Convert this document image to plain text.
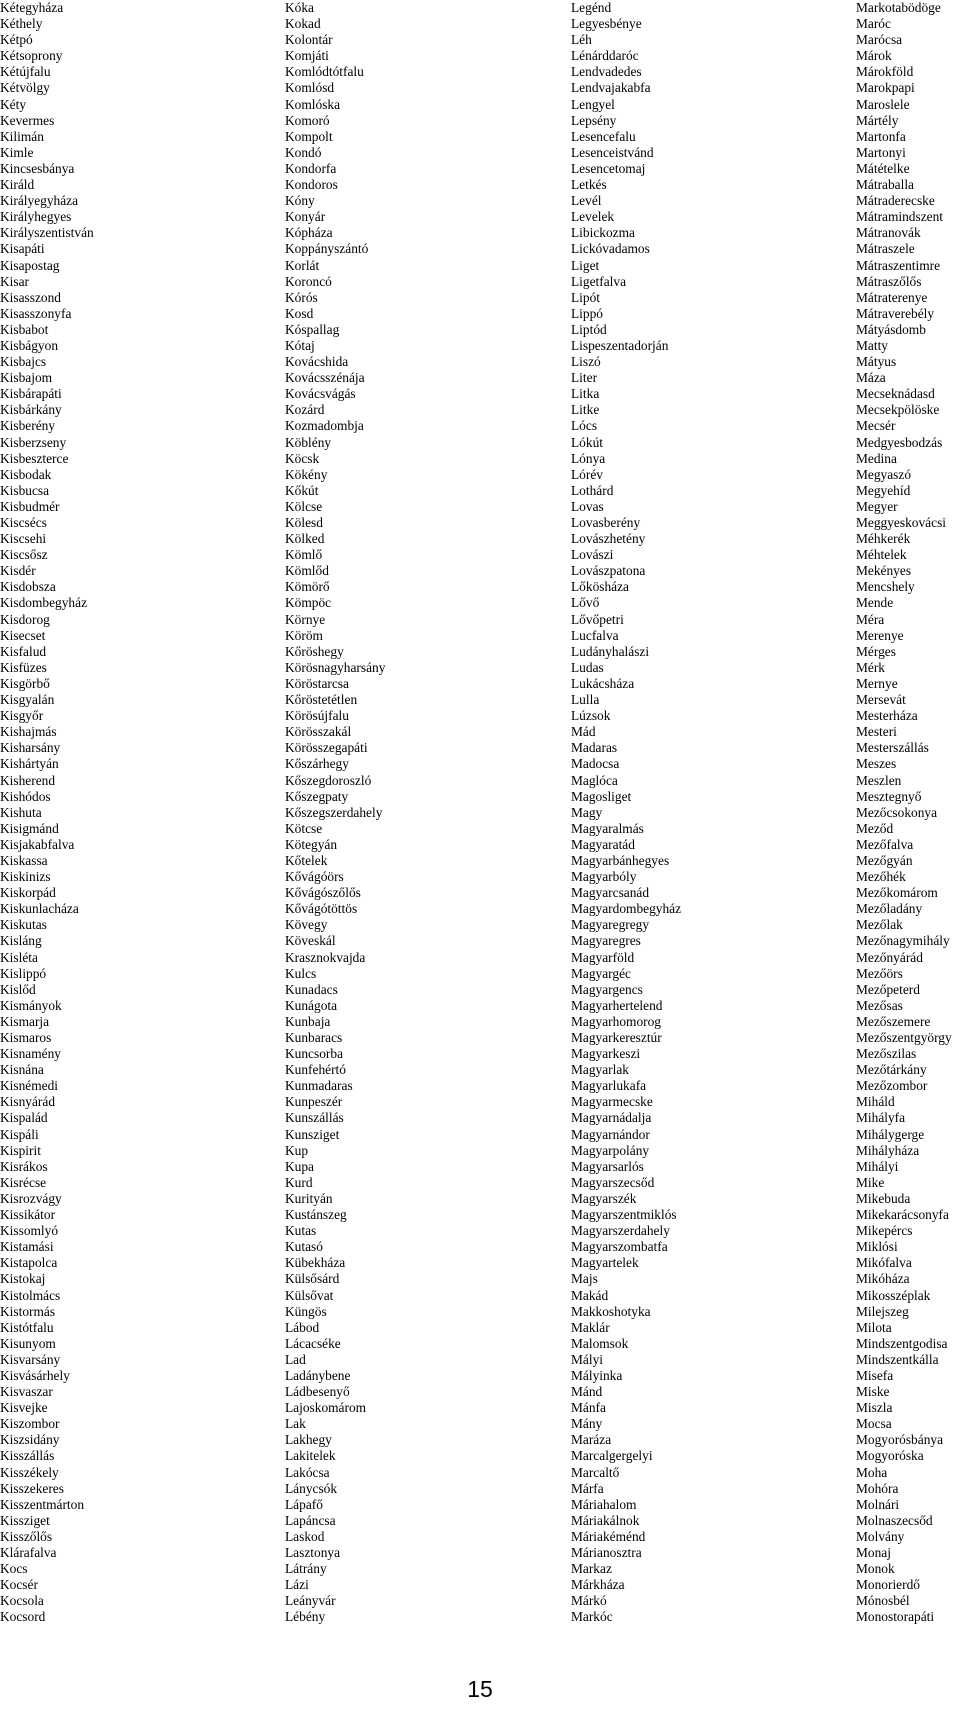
Kétegyháza
Kéthely
Kétpó
Kétsoprony
Kétújfalu
Kétvölgy
Kéty
Kevermes
Kilimán
Kimle
Kincsesbánya
Királd
Királyegyháza
Királyhegyes
Királyszentistván
Kisapáti
Kisapostag
Kisar
Kisasszond
Kisasszonyfa
Kisbabot
Kisbágyon
Kisbajcs
Kisbajom
Kisbárapáti
Kisbárkány
Kisberény
Kisberzseny
Kisbeszterce
Kisbodak
Kisbucsa
Kisbudmér
Kiscsécs
Kiscsehi
Kiscsősz
Kisdér
Kisdobsza
Kisdombegyház
Kisdorog
Kisecset
Kisfalud
Kisfüzes
Kisgörbő
Kisgyalán
Kisgyőr
Kishajmás
Kisharsány
Kishártyán
Kisherend
Kishódos
Kishuta
Kisigmánd
Kisjakabfalva
Kiskassa
Kiskinizs
Kiskorpád
Kiskunlacháza
Kiskutas
Kisláng
Kisléta
Kislippó
Kislőd
Kismányok
Kismarja
Kismaros
Kisnamény
Kisnána
Kisnémedi
Kisnyárád
Kispalád
Kispáli
Kispirit
Kisrákos
Kisrécse
Kisrozvágy
Kissikátor
Kissomlyó
Kistamási
Kistapolca
Kistokaj
Kistolmács
Kistormás
Kistótfalu
Kisunyom
Kisvarsány
Kisvásárhely
Kisvaszar
Kisvejke
Kiszombor
Kiszsidány
Kisszállás
Kisszékely
Kisszekeres
Kisszentmárton
Kissziget
Kisszőlős
Klárafalva
Kocs
Kocsér
Kocsola
Kocsord
Kóka
Kokad
Kolontár
Komjáti
Komlódtótfalu
Komlósd
Komlóska
Komoró
Kompolt
Kondó
Kondorfa
Kondoros
Kóny
Konyár
Kópháza
Koppányszántó
Korlát
Koroncó
Kórós
Kosd
Kóspallag
Kótaj
Kovácshida
Kovácsszénája
Kovácsvágás
Kozárd
Kozmadombja
Köblény
Köcsk
Kökény
Kőkút
Kölcse
Kölesd
Kölked
Kömlő
Kömlőd
Kömörő
Kömpöc
Környe
Köröm
Kőröshegy
Körösnagyharsány
Köröstarcsa
Kőröstetétlen
Körösújfalu
Körösszakál
Körösszegapáti
Kőszárhegy
Kőszegdoroszló
Kőszegpaty
Kőszegszerdahely
Kötcse
Kötegyán
Kőtelek
Kővágóörs
Kővágószőlős
Kővágótöttös
Kövegy
Köveskál
Krasznokvajda
Kulcs
Kunadacs
Kunágota
Kunbaja
Kunbaracs
Kuncsorba
Kunfehértó
Kunmadaras
Kunpeszér
Kunszállás
Kunsziget
Kup
Kupa
Kurd
Kurityán
Kustánszeg
Kutas
Kutasó
Kübekháza
Külsősárd
Külsővat
Küngös
Lábod
Lácacséke
Lad
Ladánybene
Ládbesenyő
Lajoskomárom
Lak
Lakhegy
Lakitelek
Lakócsa
Lánycsók
Lápafő
Lapáncsa
Laskod
Lasztonya
Látrány
Lázi
Leányvár
Lébény
Legénd
Legyesbénye
Léh
Lénárddaróc
Lendvadedes
Lendvajakabfa
Lengyel
Lepsény
Lesencefalu
Lesenceistvánd
Lesencetomaj
Letkés
Levél
Levelek
Libickozma
Lickóvadamos
Liget
Ligetfalva
Lipót
Lippó
Liptód
Lispeszentadorján
Liszó
Liter
Litka
Litke
Lócs
Lókút
Lónya
Lórév
Lothárd
Lovas
Lovasberény
Lovászhetény
Lovászi
Lovászpatona
Lőkösháza
Lővő
Lővőpetri
Lucfalva
Ludányhalászi
Ludas
Lukácsháza
Lulla
Lúzsok
Mád
Madaras
Madocsa
Maglóca
Magosliget
Magy
Magyaralmás
Magyaratád
Magyarbánhegyes
Magyarbóly
Magyarcsanád
Magyardombegyház
Magyaregregy
Magyaregres
Magyarföld
Magyargéc
Magyargencs
Magyarhertelend
Magyarhomorog
Magyarkeresztúr
Magyarkeszi
Magyarlak
Magyarlukafa
Magyarmecske
Magyarnádalja
Magyarnándor
Magyarpolány
Magyarsarlós
Magyarszecsőd
Magyarszék
Magyarszentmiklós
Magyarszerdahely
Magyarszombatfa
Magyartelek
Majs
Makád
Makkoshotyka
Maklár
Malomsok
Mályi
Mályinka
Mánd
Mánfa
Mány
Maráza
Marcalgergelyi
Marcaltő
Márfa
Máriahalom
Máriakálnok
Máriakéménd
Márianosztra
Markaz
Márkháza
Márkó
Markóc
Markotabödöge
Maróc
Marócsa
Márok
Márokföld
Marokpapi
Maroslele
Mártély
Martonfa
Martonyi
Mátételke
Mátraballa
Mátraderecske
Mátramindszent
Mátranovák
Mátraszele
Mátraszentimre
Mátraszőlős
Mátraterenye
Mátraverebély
Mátyásdomb
Matty
Mátyus
Máza
Mecseknádasd
Mecsekpölöske
Mecsér
Medgyesbodzás
Medina
Megyaszó
Megyehíd
Megyer
Meggyeskovácsi
Méhkerék
Méhtelek
Mekényes
Mencshely
Mende
Méra
Merenye
Mérges
Mérk
Mernye
Mersevát
Mesterháza
Mesteri
Mesterszállás
Meszes
Meszlen
Mesztegnyő
Mezőcsokonya
Meződ
Mezőfalva
Mezőgyán
Mezőhék
Mezőkomárom
Mezőladány
Mezőlak
Mezőnagymihály
Mezőnyárád
Mezőörs
Mezőpeterd
Mezősas
Mezőszemere
Mezőszentgyörgy
Mezőszilas
Mezőtárkány
Mezőzombor
Miháld
Mihályfa
Mihálygerge
Mihályháza
Mihályi
Mike
Mikebuda
Mikekarácsonyfa
Mikepércs
Miklósi
Mikófalva
Mikóháza
Mikosszéplak
Milejszeg
Milota
Mindszentgodisa
Mindszentkálla
Misefa
Miske
Miszla
Mocsa
Mogyorósbánya
Mogyoróska
Moha
Mohóra
Molnári
Molnaszecsőd
Molvány
Monaj
Monok
Monorierdő
Mónosbél
Monostorapáti
15
